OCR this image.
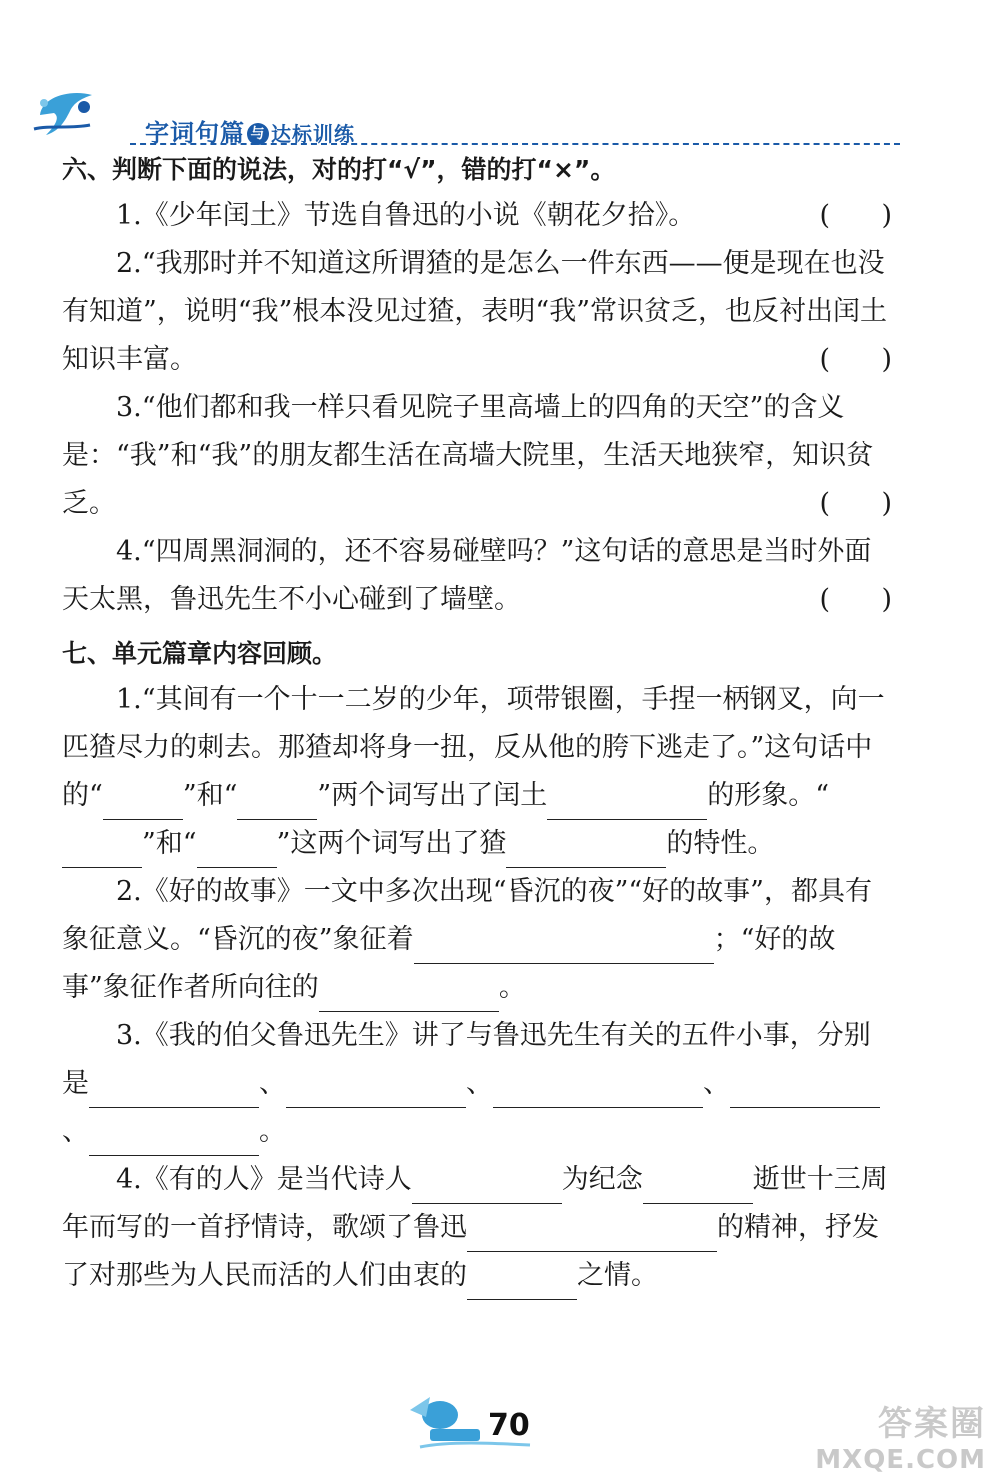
字词句篇 与 达标训练

六、判断下面的说法，对的打“√”，错的打“×”。

(      )
1.《少年闰土》节选自鲁迅的小说《朝花夕拾》。

2.“我那时并不知道这所谓猹的是怎么一件东西——便是现在也没有知道”，说明“我”根本没见过猹，表明“我”常识贫乏，也反衬出闰土知识丰富。	(      )

3.“他们都和我一样只看见院子里高墙上的四角的天空”的含义是：“我”和“我”的朋友都生活在高墙大院里，生活天地狭窄，知识贫乏。	(      )

4.“四周黑洞洞的，还不容易碰壁吗？”这句话的意思是当时外面天太黑，鲁迅先生不小心碰到了墙壁。	(      )

七、单元篇章内容回顾。

1.“其间有一个十一二岁的少年，项带银圈，手捏一柄钢叉，向一匹猹尽力的刺去。那猹却将身一扭，反从他的胯下逃走了。”这句话中的“	”和“	”两个词写出了闰土	的形象。“”和“	”这两个词写出了猹	的特性。

2.《好的故事》一文中多次出现“昏沉的夜”“好的故事”，都具有象征意义。“昏沉的夜”象征着	；“好的故事”象征作者所向往的	。

3.《我的伯父鲁迅先生》讲了与鲁迅先生有关的五件小事，分别是	、	、	、、	。

4.《有的人》是当代诗人	为纪念	逝世十三周年而写的一首抒情诗，歌颂了鲁迅	的精神，抒发了对那些为人民而活的人们由衷的	之情。

70	答案圈
MXQE.COM
